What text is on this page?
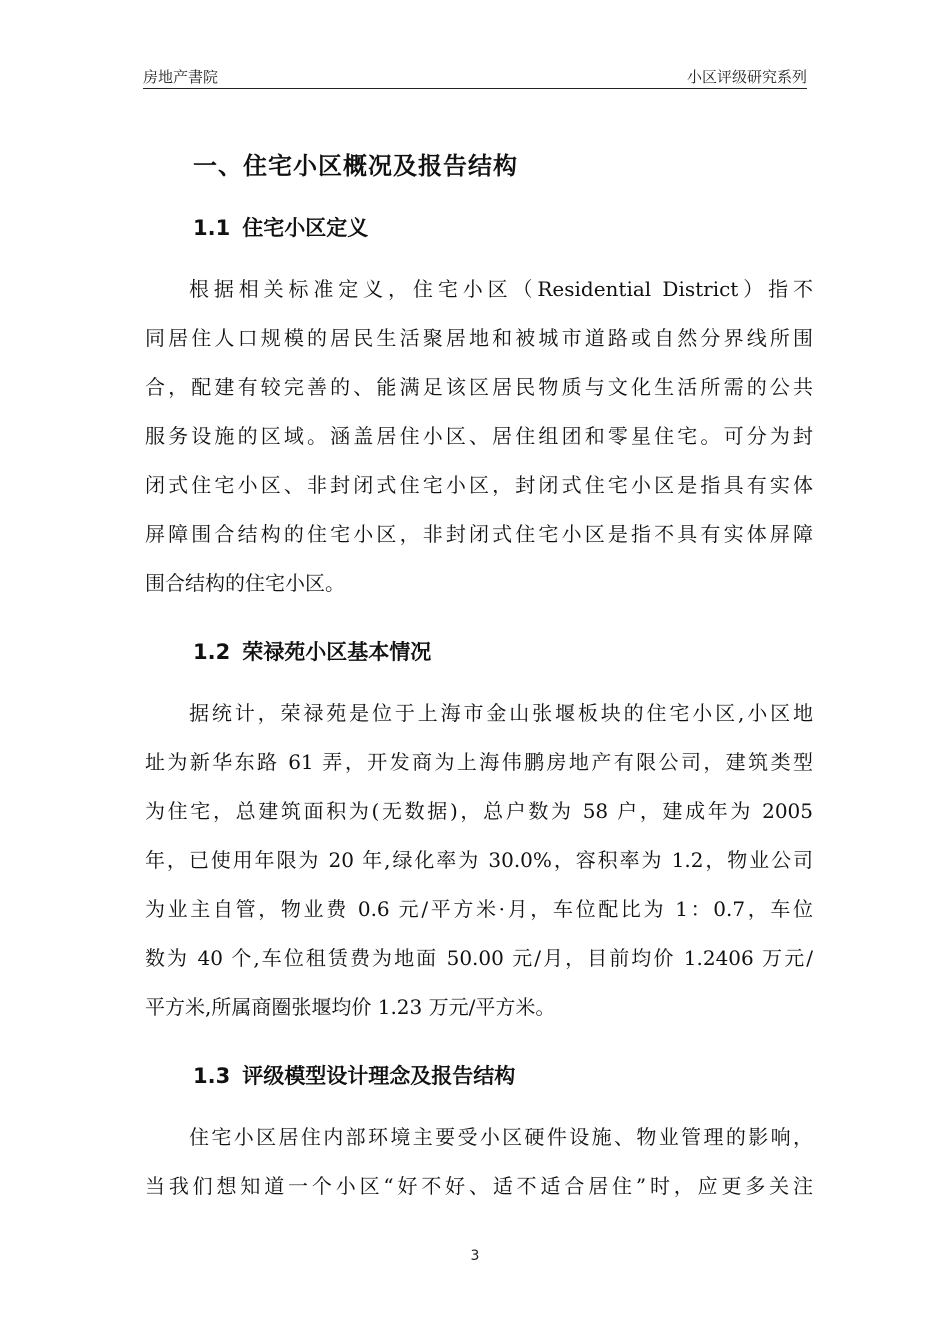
房地产書院	小区评级研究系列
一、住宅小区概况及报告结构
1.1 住宅小区定义
根据相关标准定义，住宅小区（Residential District）指不
同居住人口规模的居民生活聚居地和被城市道路或自然分界线所围
合，配建有较完善的、能满足该区居民物质与文化生活所需的公共
服务设施的区域。涵盖居住小区、居住组团和零星住宅。可分为封
闭式住宅小区、非封闭式住宅小区，封闭式住宅小区是指具有实体
屏障围合结构的住宅小区，非封闭式住宅小区是指不具有实体屏障
围合结构的住宅小区。
1.2 荣禄苑小区基本情况
据统计，荣禄苑是位于上海市金山张堰板块的住宅小区,小区地
址为新华东路 61 弄，开发商为上海伟鹏房地产有限公司，建筑类型
为住宅，总建筑面积为(无数据)，总户数为 58 户，建成年为 2005
年，已使用年限为 20 年,绿化率为 30.0%，容积率为 1.2，物业公司
为业主自管，物业费 0.6 元/平方米·月，车位配比为 1：0.7，车位
数为 40 个,车位租赁费为地面 50.00 元/月，目前均价 1.2406 万元/
平方米,所属商圈张堰均价 1.23 万元/平方米。
1.3 评级模型设计理念及报告结构
住宅小区居住内部环境主要受小区硬件设施、物业管理的影响，
当我们想知道一个小区“好不好、适不适合居住”时，应更多关注
3
